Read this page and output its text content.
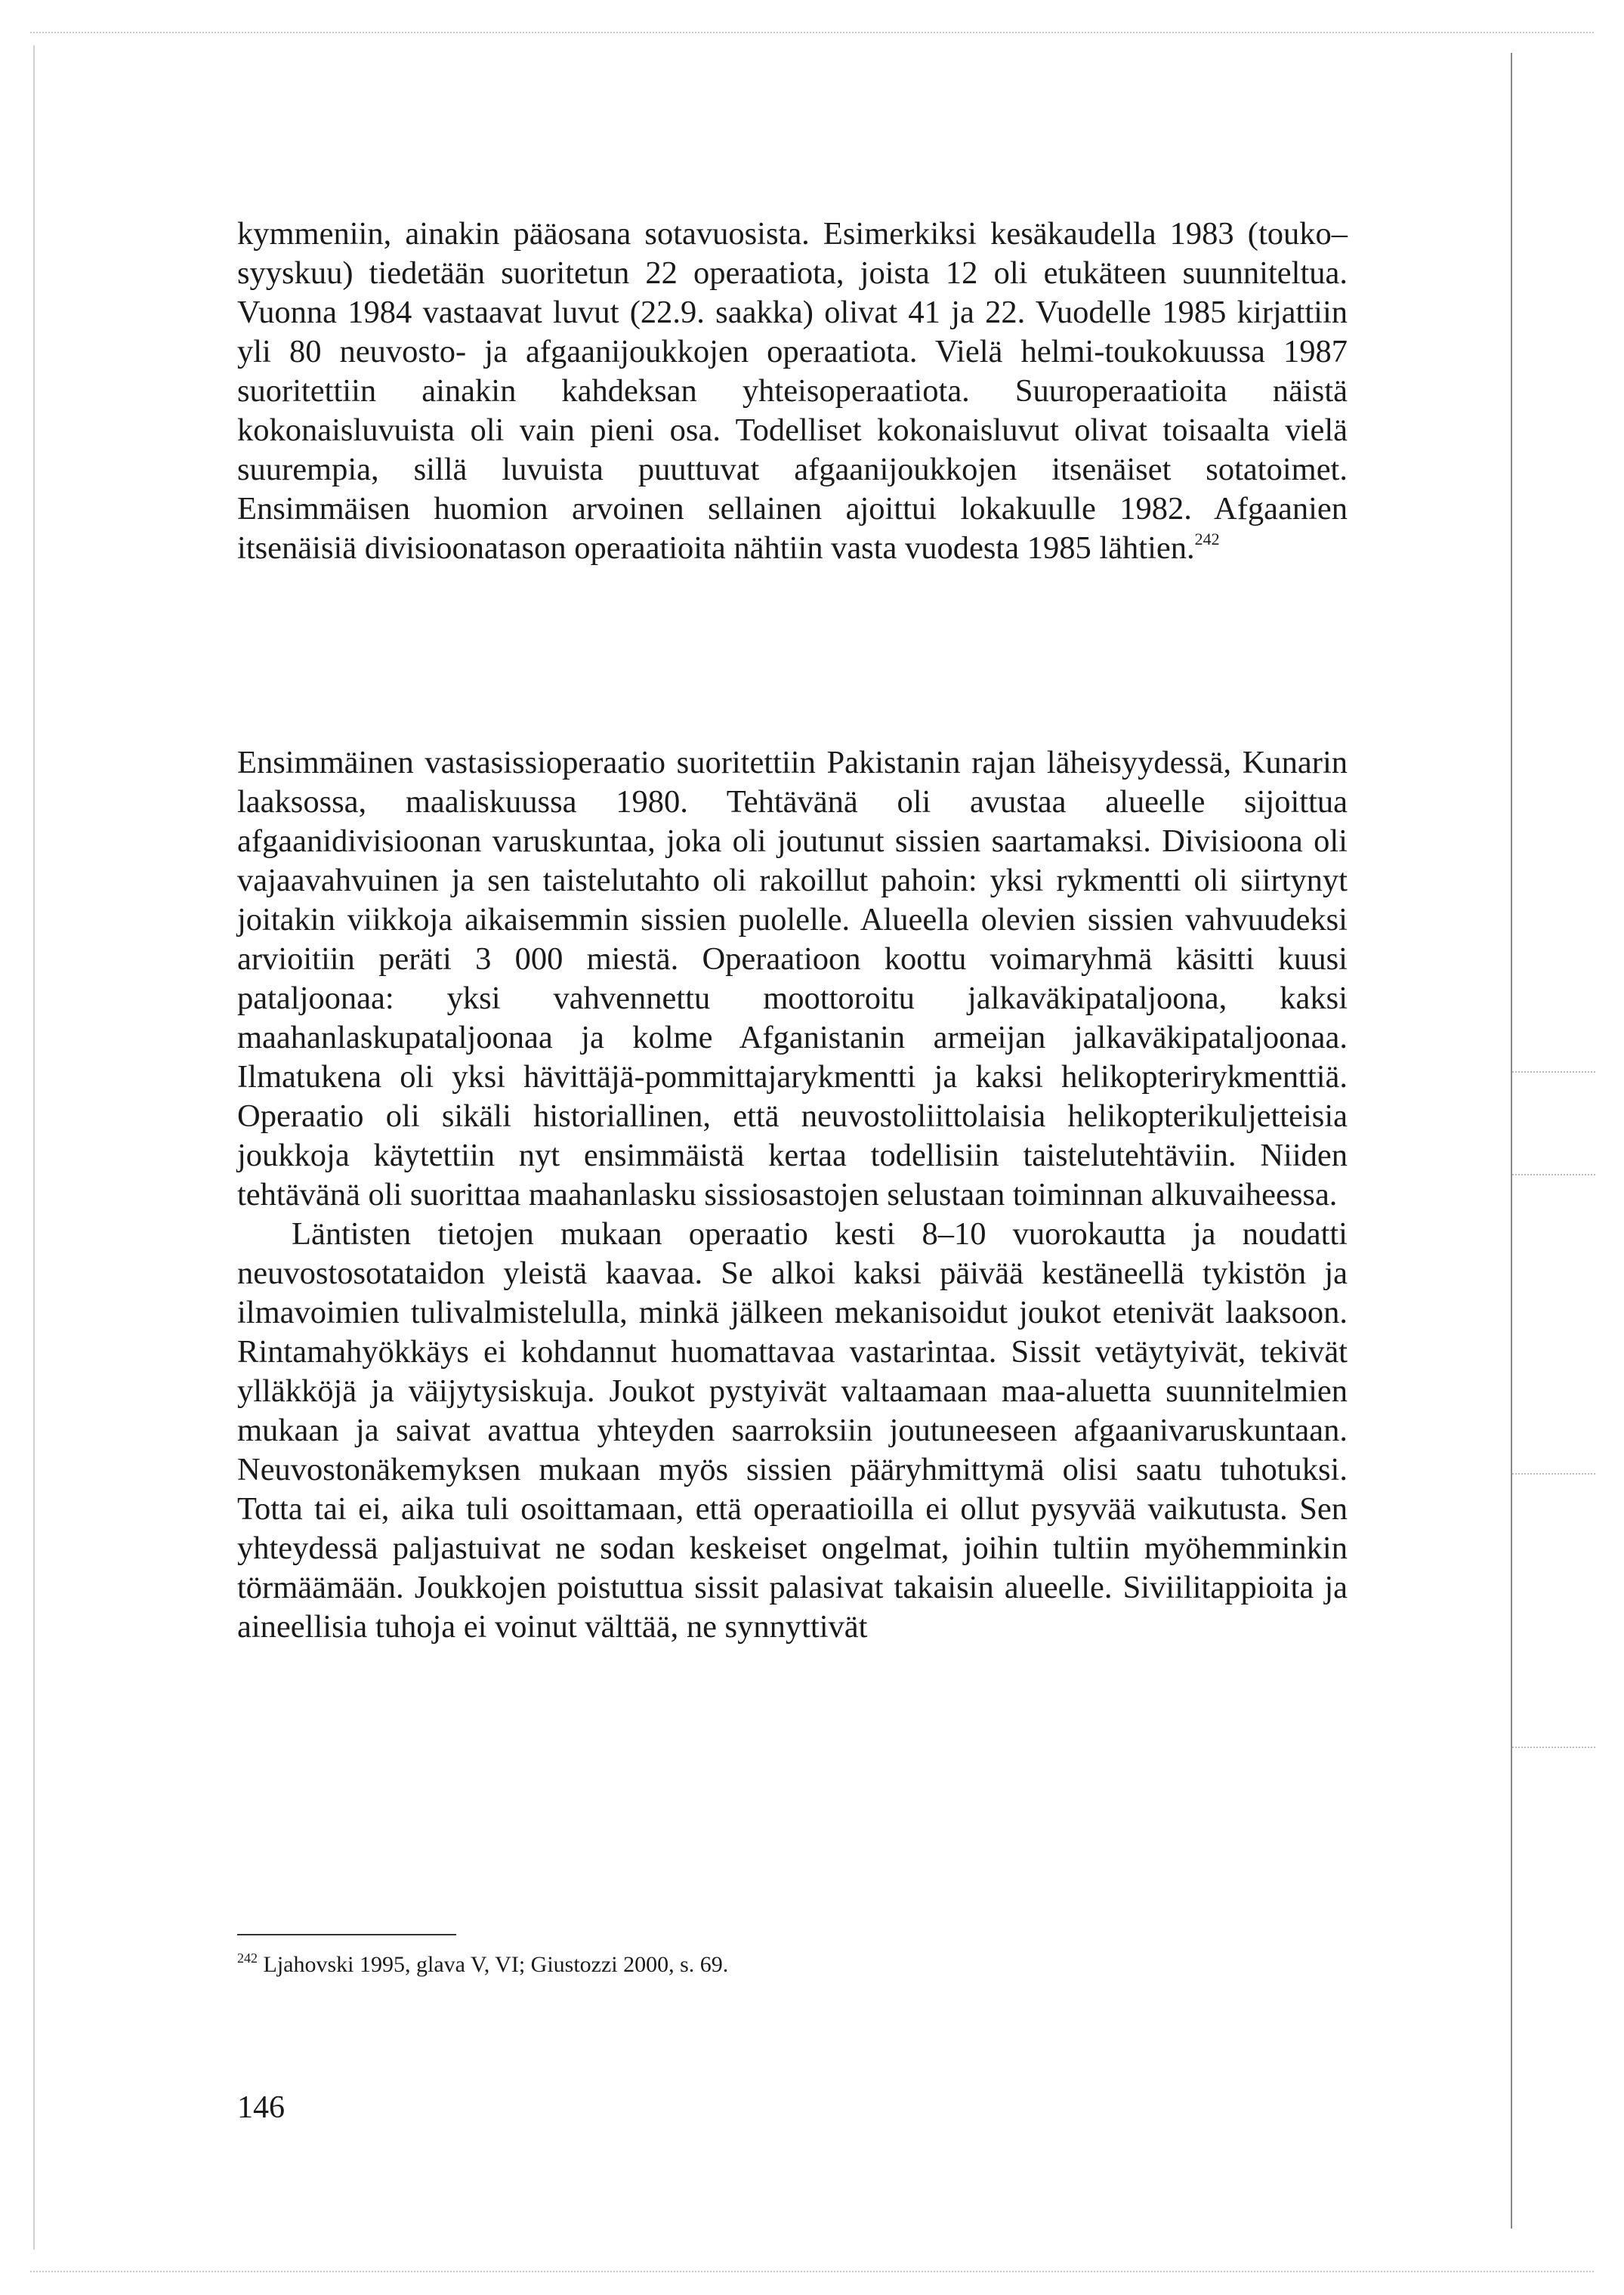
kymmeniin, ainakin pääosana sotavuosista. Esimerkiksi kesäkaudella 1983 (touko–syyskuu) tiedetään suoritetun 22 operaatiota, joista 12 oli etukäteen suunniteltua. Vuonna 1984 vastaavat luvut (22.9. saakka) olivat 41 ja 22. Vuodelle 1985 kirjattiin yli 80 neuvosto- ja afgaanijoukkojen operaatiota. Vielä helmi-toukokuussa 1987 suoritettiin ainakin kahdeksan yhteisoperaatiota. Suuroperaatioita näistä kokonaisluvuista oli vain pieni osa. Todelliset kokonaisluvut olivat toisaalta vielä suurempia, sillä luvuista puuttuvat afgaanijoukkojen itsenäiset sotatoimet. Ensimmäisen huomion arvoinen sellainen ajoittui lokakuulle 1982. Afgaanien itsenäisiä divisioonatason operaatioita nähtiin vasta vuodesta 1985 lähtien.$^{242}$

Ensimmäinen vastasissioperaatio suoritettiin Pakistanin rajan läheisyydessä, Kunarin laaksossa, maaliskuussa 1980. Tehtävänä oli avustaa alueelle sijoittua afgaanidivisioonan varuskuntaa, joka oli joutunut sissien saartamaksi. Divisioona oli vajaavahvuinen ja sen taistelutahto oli rakoillut pahoin: yksi rykmentti oli siirtynyt joitakin viikkoja aikaisemmin sissien puolelle. Alueella olevien sissien vahvuudeksi arvioitiin peräti 3 000 miestä. Operaatioon koottu voimaryhmä käsitti kuusi pataljoonaa: yksi vahvennettu moottoroitu jalkaväkipataljoona, kaksi maahanlaskupataljoonaa ja kolme Afganistanin armeijan jalkaväkipataljoonaa. Ilmatukena oli yksi hävittäjä-pommittajarykmentti ja kaksi helikopterirykmenttiä. Operaatio oli sikäli historiallinen, että neuvostoliittolaisia helikopterikuljetteisia joukkoja käytettiin nyt ensimmäistä kertaa todellisiin taistelutehtäviin. Niiden tehtävänä oli suorittaa maahanlasku sissiosastojen selustaan toiminnan alkuvaiheessa.

Läntisten tietojen mukaan operaatio kesti 8–10 vuorokautta ja noudatti neuvostosotataidon yleistä kaavaa. Se alkoi kaksi päivää kestäneellä tykistön ja ilmavoimien tulivalmistelulla, minkä jälkeen mekanisoidut joukot etenivät laaksoon. Rintamahyökkäys ei kohdannut huomattavaa vastarintaa. Sissit vetäytyivät, tekivät ylläkköjä ja väijytysiskuja. Joukot pystyivät valtaamaan maa-aluetta suunnitelmien mukaan ja saivat avattua yhteyden saarroksiin joutuneeseen afgaanivaruskuntaan. Neuvostonäkemyksen mukaan myös sissien pääryhmittymä olisi saatu tuhotuksi. Totta tai ei, aika tuli osoittamaan, että operaatioilla ei ollut pysyvää vaikutusta. Sen yhteydessä paljastuivat ne sodan keskeiset ongelmat, joihin tultiin myöhemminkin törmäämään. Joukkojen poistuttua sissit palasivat takaisin alueelle. Siviilitappioita ja aineellisia tuhoja ei voinut välttää, ne synnyttivät

$^{242}$ Ljahovski 1995, glava V, VI; Giustozzi 2000, s. 69.
146
